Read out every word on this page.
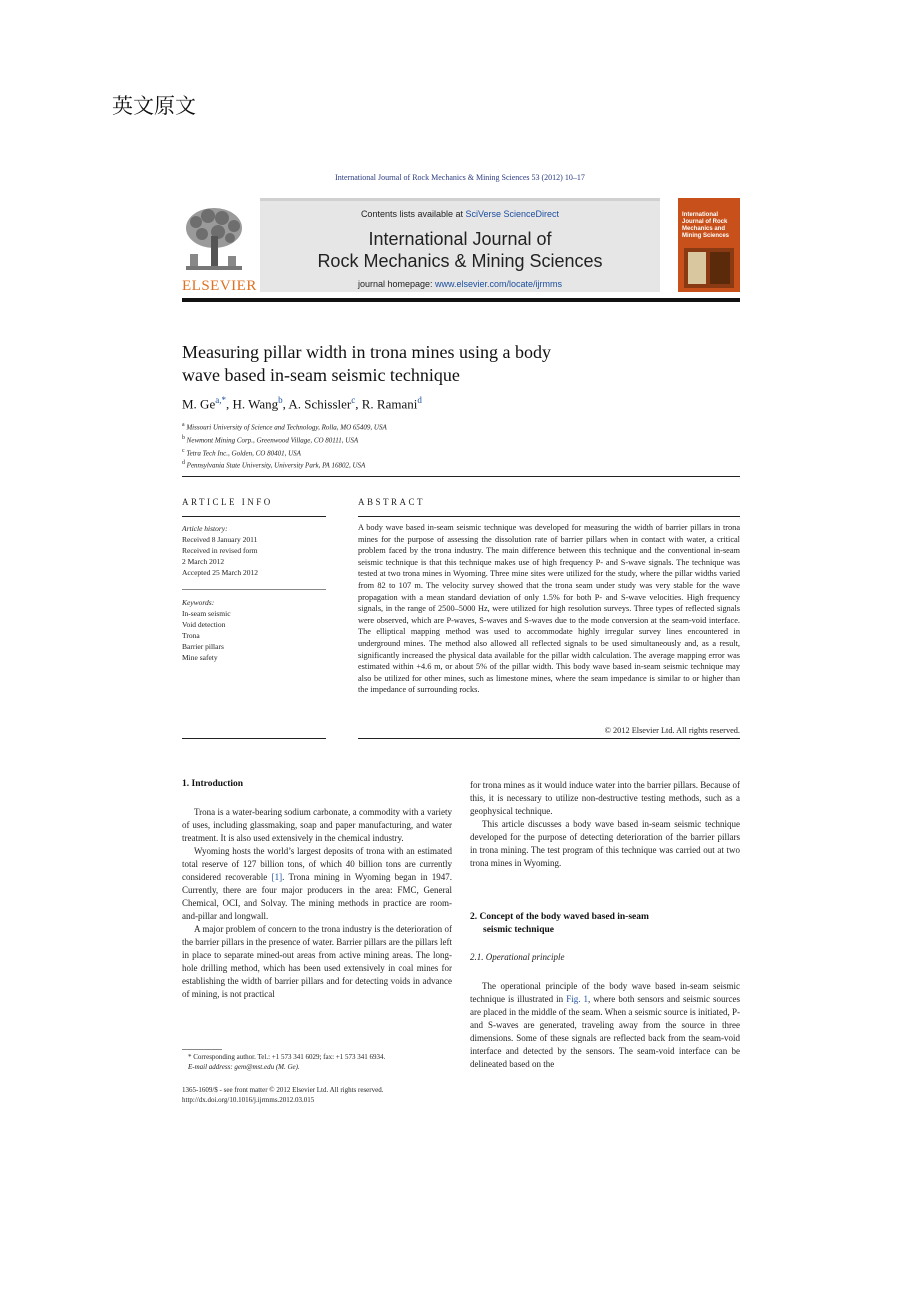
英文原文
International Journal of Rock Mechanics & Mining Sciences 53 (2012) 10–17
ELSEVIER
Contents lists available at SciVerse ScienceDirect
International Journal of
Rock Mechanics & Mining Sciences
journal homepage: www.elsevier.com/locate/ijrmms
International Journal of Rock Mechanics and Mining Sciences
Measuring pillar width in trona mines using a body wave based in-seam seismic technique
M. $Ge^{a,*}$, H. Wang$^b$, A. Schissler$^c$, R. Ramani$^d$
$^a$ Missouri University of Science and Technology, Rolla, MO 65409, USA
$^b$ Newmont Mining Corp., Greenwood Village, CO 80111, USA
$^c$ Tetra Tech Inc., Golden, CO 80401, USA
$^d$ Pennsylvania State University, University Park, PA 16802, USA
ARTICLE INFO	ABSTRACT
Article history:
Received 8 January 2011
Received in revised form
2 March 2012
Accepted 25 March 2012
Keywords:
In-seam seismic
Void detection
Trona
Barrier pillars
Mine safety
A body wave based in-seam seismic technique was developed for measuring the width of barrier pillars in trona mines for the purpose of assessing the dissolution rate of barrier pillars when in contact with water, a critical problem faced by the trona industry. The main difference between this technique and the conventional in-seam seismic technique is that this technique makes use of high frequency P- and S-wave signals. The technique was tested at two trona mines in Wyoming. Three mine sites were utilized for the study, where the pillar widths varied from 82 to 107 m. The velocity survey showed that the trona seam under study was very stable for the wave propagation with a mean standard deviation of only 1.5% for both P- and S-wave velocities. High frequency signals, in the range of 2500–5000 Hz, were utilized for high resolution surveys. Three types of reflected signals were observed, which are P-waves, S-waves and S-waves due to the mode conversion at the seam-void interface. The elliptical mapping method was used to accommodate highly irregular survey lines encountered in underground mines. The method also allowed all reflected signals to be used simultaneously and, as a result, significantly increased the physical data available for the pillar width calculation. The average mapping error was estimated within +4.6 m, or about 5% of the pillar width. This body wave based in-seam seismic technique may also be utilized for other mines, such as limestone mines, where the seam impedance is similar to or higher than the impedance of surrounding rocks.
© 2012 Elsevier Ltd. All rights reserved.
1. Introduction

Trona is a water-bearing sodium carbonate, a commodity with a variety of uses, including glassmaking, soap and paper manufacturing, and water treatment. It is also used extensively in the chemical industry.

Wyoming hosts the world’s largest deposits of trona with an estimated total reserve of 127 billion tons, of which 40 billion tons are currently considered recoverable [1]. Trona mining in Wyoming began in 1947. Currently, there are four major producers in the area: FMC, General Chemical, OCI, and Solvay. The mining methods in practice are room-and-pillar and longwall.

A major problem of concern to the trona industry is the deterioration of the barrier pillars in the presence of water. Barrier pillars are the pillars left in place to separate mined-out areas from active mining areas. The long-hole drilling method, which has been used extensively in coal mines for establishing the width of barrier pillars and for detecting voids in advance of mining, is not practical

* Corresponding author. Tel.: +1 573 341 6029; fax: +1 573 341 6934.
E-mail address: gem@mst.edu (M. Ge).
1365-1609/$ - see front matter © 2012 Elsevier Ltd. All rights reserved.
http://dx.doi.org/10.1016/j.ijrmms.2012.03.015

for trona mines as it would induce water into the barrier pillars. Because of this, it is necessary to utilize non-destructive testing methods, such as a geophysical technique.

This article discusses a body wave based in-seam seismic technique developed for the purpose of detecting deterioration of the barrier pillars in trona mining. The test program of this technique was carried out at two trona mines in Wyoming.

2. Concept of the body waved based in-seam
seismic technique
2.1. Operational principle

The operational principle of the body wave based in-seam seismic technique is illustrated in Fig. 1, where both sensors and seismic sources are placed in the middle of the seam. When a seismic source is initiated, P- and S-waves are generated, traveling away from the source in three dimensions. Some of these signals are reflected back from the seam-void interface and detected by the sensors. The seam-void interface can be delineated based on the
